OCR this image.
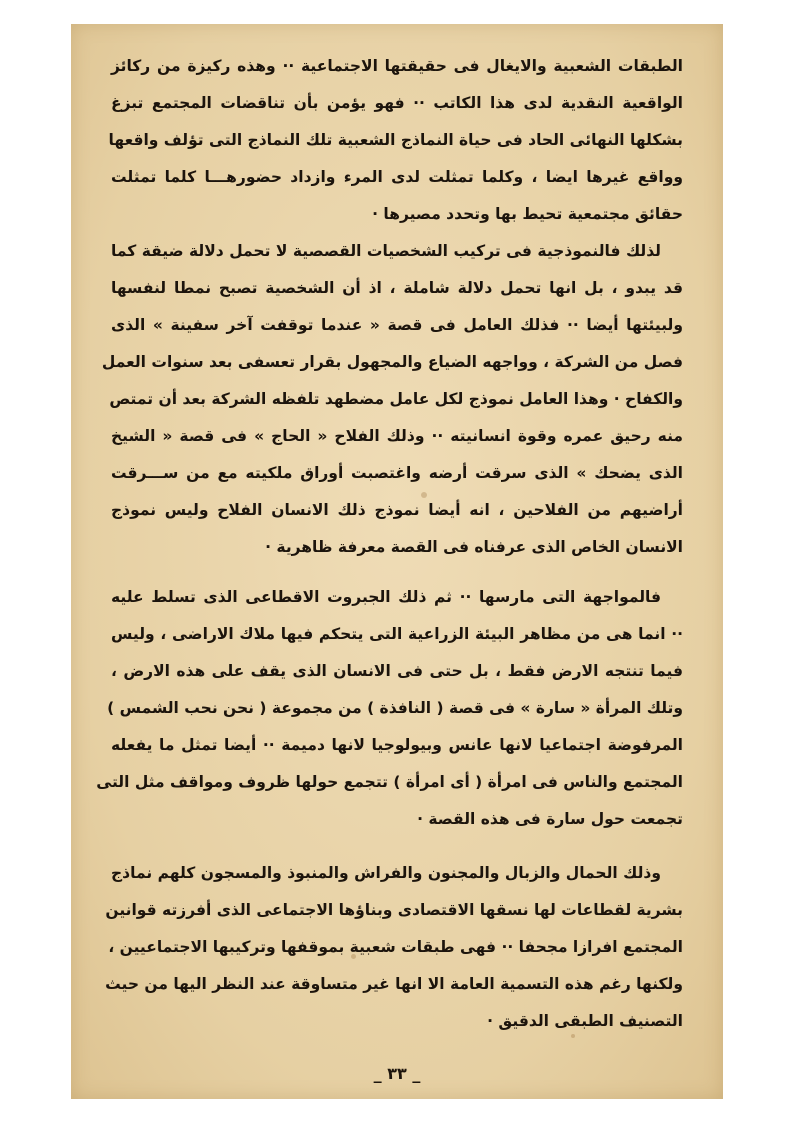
الطبقات الشعبية والايغال فى حقيقتها الاجتماعية ·· وهذه ركيزة من ركائز
الواقعية النقدية لدى هذا الكاتب ·· فهو يؤمن بأن تناقضات المجتمع تبزغ
بشكلها النهائى الحاد فى حياة النماذج الشعبية تلك النماذج التى تؤلف واقعها
وواقع غيرها ايضا ، وكلما تمثلت لدى المرء وازداد حضورهـــا كلما تمثلت
حقائق مجتمعية تحيط بها وتحدد مصيرها ·
لذلك فالنموذجية فى تركيب الشخصيات القصصية لا تحمل دلالة ضيقة كما
قد يبدو ، بل انها تحمل دلالة شاملة ، اذ أن الشخصية تصبح نمطا لنفسها
ولبيئتها أيضا ·· فذلك العامل فى قصة « عندما توقفت آخر سفينة » الذى
فصل من الشركة ، وواجهه الضياع والمجهول بقرار تعسفى بعد سنوات العمل
والكفاح · وهذا العامل نموذج لكل عامل مضطهد تلفظه الشركة بعد أن تمتص
منه رحيق عمره وقوة انسانيته ·· وذلك الفلاح « الحاج » فى قصة « الشيخ
الذى يضحك » الذى سرقت أرضه واغتصبت أوراق ملكيته مع من ســـرقت
أراضيهم من الفلاحين ، انه أيضا نموذج ذلك الانسان الفلاح وليس نموذج
الانسان الخاص الذى عرفناه فى القصة معرفة ظاهرية ·
فالمواجهة التى مارسها ·· ثم ذلك الجبروت الاقطاعى الذى تسلط عليه
·· انما هى من مظاهر البيئة الزراعية التى يتحكم فيها ملاك الاراضى ، وليس
فيما تنتجه الارض فقط ، بل حتى فى الانسان الذى يقف على هذه الارض ،
وتلك المرأة « سارة » فى قصة ( النافذة ) من مجموعة ( نحن نحب الشمس )
المرفوضة اجتماعيا لانها عانس وبيولوجيا لانها دميمة ·· أيضا تمثل ما يفعله
المجتمع والناس فى امرأة ( أى امرأة ) تتجمع حولها ظروف ومواقف مثل التى
تجمعت حول سارة فى هذه القصة ·
وذلك الحمال والزبال والمجنون والفراش والمنبوذ والمسجون كلهم نماذج
بشرية لقطاعات لها نسقها الاقتصادى وبناؤها الاجتماعى الذى أفرزته قوانين
المجتمع افرازا مجحفا ·· فهى طبقات شعبية بموقفها وتركيبها الاجتماعيين ،
ولكنها رغم هذه التسمية العامة الا انها غير متساوقة عند النظر اليها من حيث
التصنيف الطبقى الدقيق ·
_ ٣٣ _
